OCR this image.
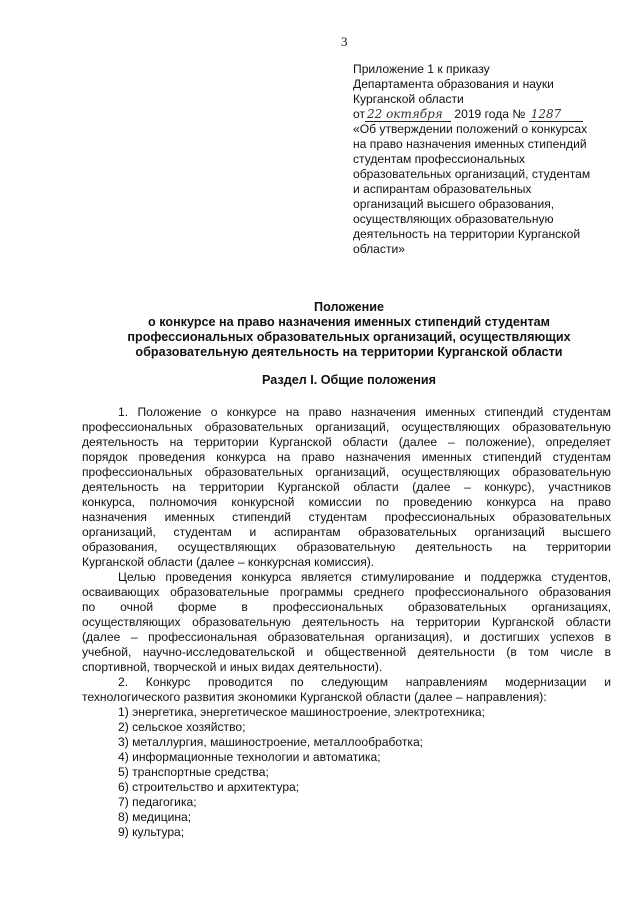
3
Приложение 1 к приказу
Департамента образования и науки
Курганской области
от 22 октября 2019 года № 1287
«Об утверждении положений о конкурсах
на право назначения именных стипендий
студентам профессиональных
образовательных организаций, студентам
и аспирантам образовательных
организаций высшего образования,
осуществляющих образовательную
деятельность на территории Курганской
области»
Положение
о конкурсе на право назначения именных стипендий студентам
профессиональных образовательных организаций, осуществляющих
образовательную деятельность на территории Курганской области
Раздел I. Общие положения
1. Положение о конкурсе на право назначения именных стипендий студентам
профессиональных образовательных организаций, осуществляющих образовательную
деятельность на территории Курганской области (далее – положение), определяет
порядок проведения конкурса на право назначения именных стипендий студентам
профессиональных образовательных организаций, осуществляющих образовательную
деятельность на территории Курганской области (далее – конкурс), участников
конкурса, полномочия конкурсной комиссии по проведению конкурса на право
назначения именных стипендий студентам профессиональных образовательных
организаций, студентам и аспирантам образовательных организаций высшего
образования, осуществляющих образовательную деятельность на территории
Курганской области (далее – конкурсная комиссия).
Целью проведения конкурса является стимулирование и поддержка студентов,
осваивающих образовательные программы среднего профессионального образования
по очной форме в профессиональных образовательных организациях,
осуществляющих образовательную деятельность на территории Курганской области
(далее – профессиональная образовательная организация), и достигших успехов в
учебной, научно-исследовательской и общественной деятельности (в том числе в
спортивной, творческой и иных видах деятельности).
2. Конкурс проводится по следующим направлениям модернизации и
технологического развития экономики Курганской области (далее – направления):
1) энергетика, энергетическое машиностроение, электротехника;
2) сельское хозяйство;
3) металлургия, машиностроение, металлообработка;
4) информационные технологии и автоматика;
5) транспортные средства;
6) строительство и архитектура;
7) педагогика;
8) медицина;
9) культура;
